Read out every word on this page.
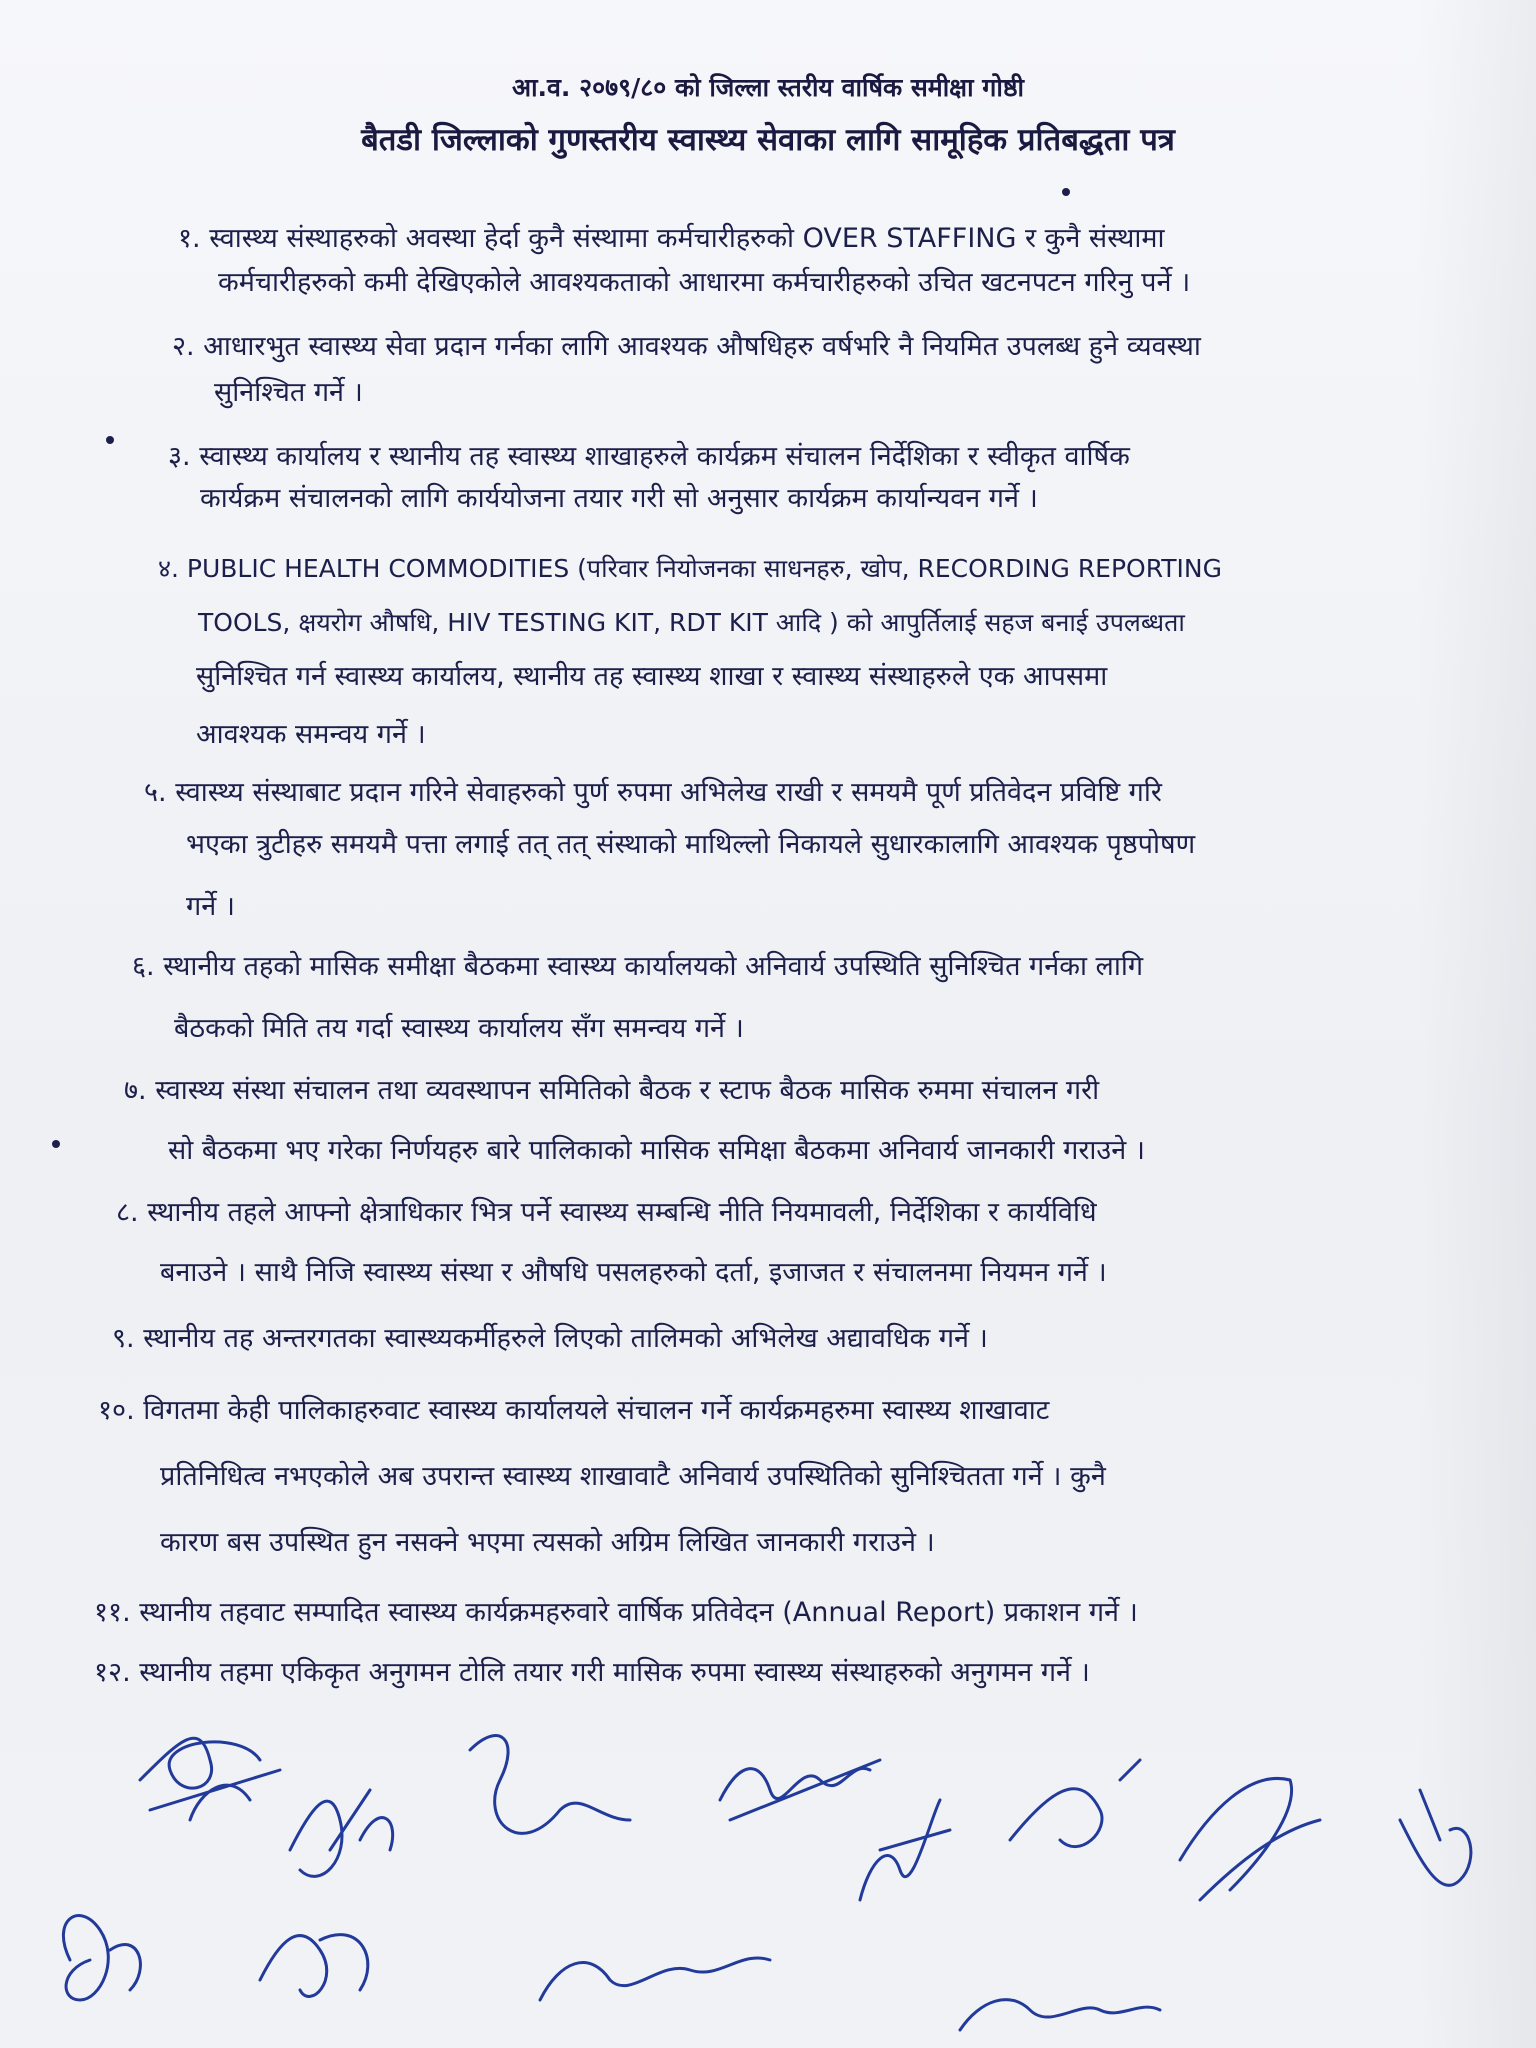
आ.व. २०७९/८० को जिल्ला स्तरीय वार्षिक समीक्षा गोष्ठी
बैतडी जिल्लाको गुणस्तरीय स्वास्थ्य सेवाका लागि सामूहिक प्रतिबद्धता पत्र
१. स्वास्थ्य संस्थाहरुको अवस्था हेर्दा कुनै संस्थामा कर्मचारीहरुको OVER STAFFING र कुनै संस्थामा
कर्मचारीहरुको कमी देखिएकोले आवश्यकताको आधारमा कर्मचारीहरुको उचित खटनपटन गरिनु पर्ने ।
२. आधारभुत स्वास्थ्य सेवा प्रदान गर्नका लागि आवश्यक औषधिहरु वर्षभरि नै नियमित उपलब्ध हुने व्यवस्था
सुनिश्चित गर्ने ।
३. स्वास्थ्य कार्यालय र स्थानीय तह स्वास्थ्य शाखाहरुले कार्यक्रम संचालन निर्देशिका र स्वीकृत वार्षिक
कार्यक्रम संचालनको लागि कार्ययोजना तयार गरी सो अनुसार कार्यक्रम कार्यान्यवन गर्ने ।
४. PUBLIC HEALTH COMMODITIES (परिवार नियोजनका साधनहरु, खोप, RECORDING REPORTING
TOOLS, क्षयरोग औषधि, HIV TESTING KIT, RDT KIT आदि ) को आपुर्तिलाई सहज बनाई उपलब्धता
सुनिश्चित गर्न स्वास्थ्य कार्यालय, स्थानीय तह स्वास्थ्य शाखा र स्वास्थ्य संस्थाहरुले एक आपसमा
आवश्यक समन्वय गर्ने ।
५. स्वास्थ्य संस्थाबाट प्रदान गरिने सेवाहरुको पुर्ण रुपमा अभिलेख राखी र समयमै पूर्ण प्रतिवेदन प्रविष्टि गरि
भएका त्रुटीहरु समयमै पत्ता लगाई तत् तत् संस्थाको माथिल्लो निकायले सुधारकालागि आवश्यक पृष्ठपोषण
गर्ने ।
६. स्थानीय तहको मासिक समीक्षा बैठकमा स्वास्थ्य कार्यालयको अनिवार्य उपस्थिति सुनिश्चित गर्नका लागि
बैठकको मिति तय गर्दा स्वास्थ्य कार्यालय सँग समन्वय गर्ने ।
७. स्वास्थ्य संस्था संचालन तथा व्यवस्थापन समितिको बैठक र स्टाफ बैठक मासिक रुममा संचालन गरी
सो बैठकमा भए गरेका निर्णयहरु बारे पालिकाको मासिक समिक्षा बैठकमा अनिवार्य जानकारी गराउने ।
८. स्थानीय तहले आफ्नो क्षेत्राधिकार भित्र पर्ने स्वास्थ्य सम्बन्धि नीति नियमावली, निर्देशिका र कार्यविधि
बनाउने । साथै निजि स्वास्थ्य संस्था र औषधि पसलहरुको दर्ता, इजाजत र संचालनमा नियमन गर्ने ।
९. स्थानीय तह अन्तरगतका स्वास्थ्यकर्मीहरुले लिएको तालिमको अभिलेख अद्यावधिक गर्ने ।
१०. विगतमा केही पालिकाहरुवाट स्वास्थ्य कार्यालयले संचालन गर्ने कार्यक्रमहरुमा स्वास्थ्य शाखावाट
प्रतिनिधित्व नभएकोले अब उपरान्त स्वास्थ्य शाखावाटै अनिवार्य उपस्थितिको सुनिश्चितता गर्ने । कुनै
कारण बस उपस्थित हुन नसक्ने भएमा त्यसको अग्रिम लिखित जानकारी गराउने ।
११. स्थानीय तहवाट सम्पादित स्वास्थ्य कार्यक्रमहरुवारे वार्षिक प्रतिवेदन (Annual Report) प्रकाशन गर्ने ।
१२. स्थानीय तहमा एकिकृत अनुगमन टोलि तयार गरी मासिक रुपमा स्वास्थ्य संस्थाहरुको अनुगमन गर्ने ।
